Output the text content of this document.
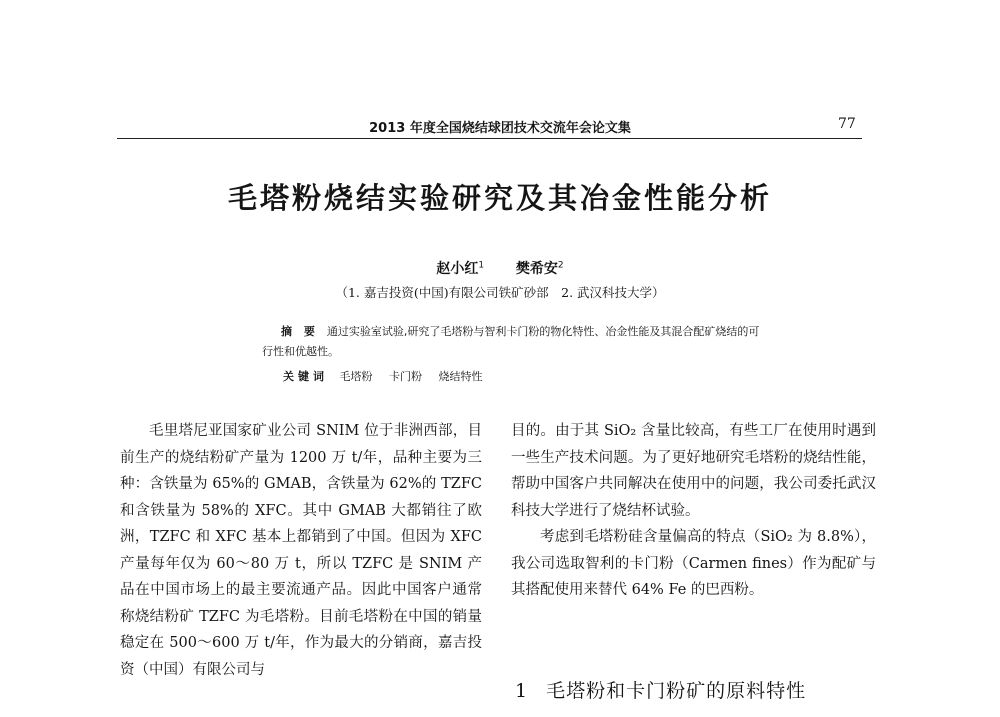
2013 年度全国烧结球团技术交流年会论文集	77
毛塔粉烧结实验研究及其冶金性能分析
赵小红$^1$ 樊希安$^2$
（1. 嘉吉投资(中国)有限公司铁矿砂部　2. 武汉科技大学）
摘 要 通过实验室试验,研究了毛塔粉与智利卡门粉的物化特性、冶金性能及其混合配矿烧结的可行性和优越性。
关键词 毛塔粉 卡门粉 烧结特性

毛里塔尼亚国家矿业公司 SNIM 位于非洲西部，目前生产的烧结粉矿产量为 1200 万 t/年，品种主要为三种：含铁量为 65%的 GMAB，含铁量为 62%的 TZFC 和含铁量为 58%的 XFC。其中 GMAB 大都销往了欧洲，TZFC 和 XFC 基本上都销到了中国。但因为 XFC 产量每年仅为 60～80 万 t，所以 TZFC 是 SNIM 产品在中国市场上的最主要流通产品。因此中国客户通常称烧结粉矿 TZFC 为毛塔粉。目前毛塔粉在中国的销量稳定在 500～600 万 t/年，作为最大的分销商，嘉吉投资（中国）有限公司与

目的。由于其 SiO₂ 含量比较高，有些工厂在使用时遇到一些生产技术问题。为了更好地研究毛塔粉的烧结性能，帮助中国客户共同解决在使用中的问题，我公司委托武汉科技大学进行了烧结杯试验。

考虑到毛塔粉硅含量偏高的特点（SiO₂ 为 8.8%），我公司选取智利的卡门粉（Carmen fines）作为配矿与其搭配使用来替代 64% Fe 的巴西粉。

1 毛塔粉和卡门粉矿的原料特性
